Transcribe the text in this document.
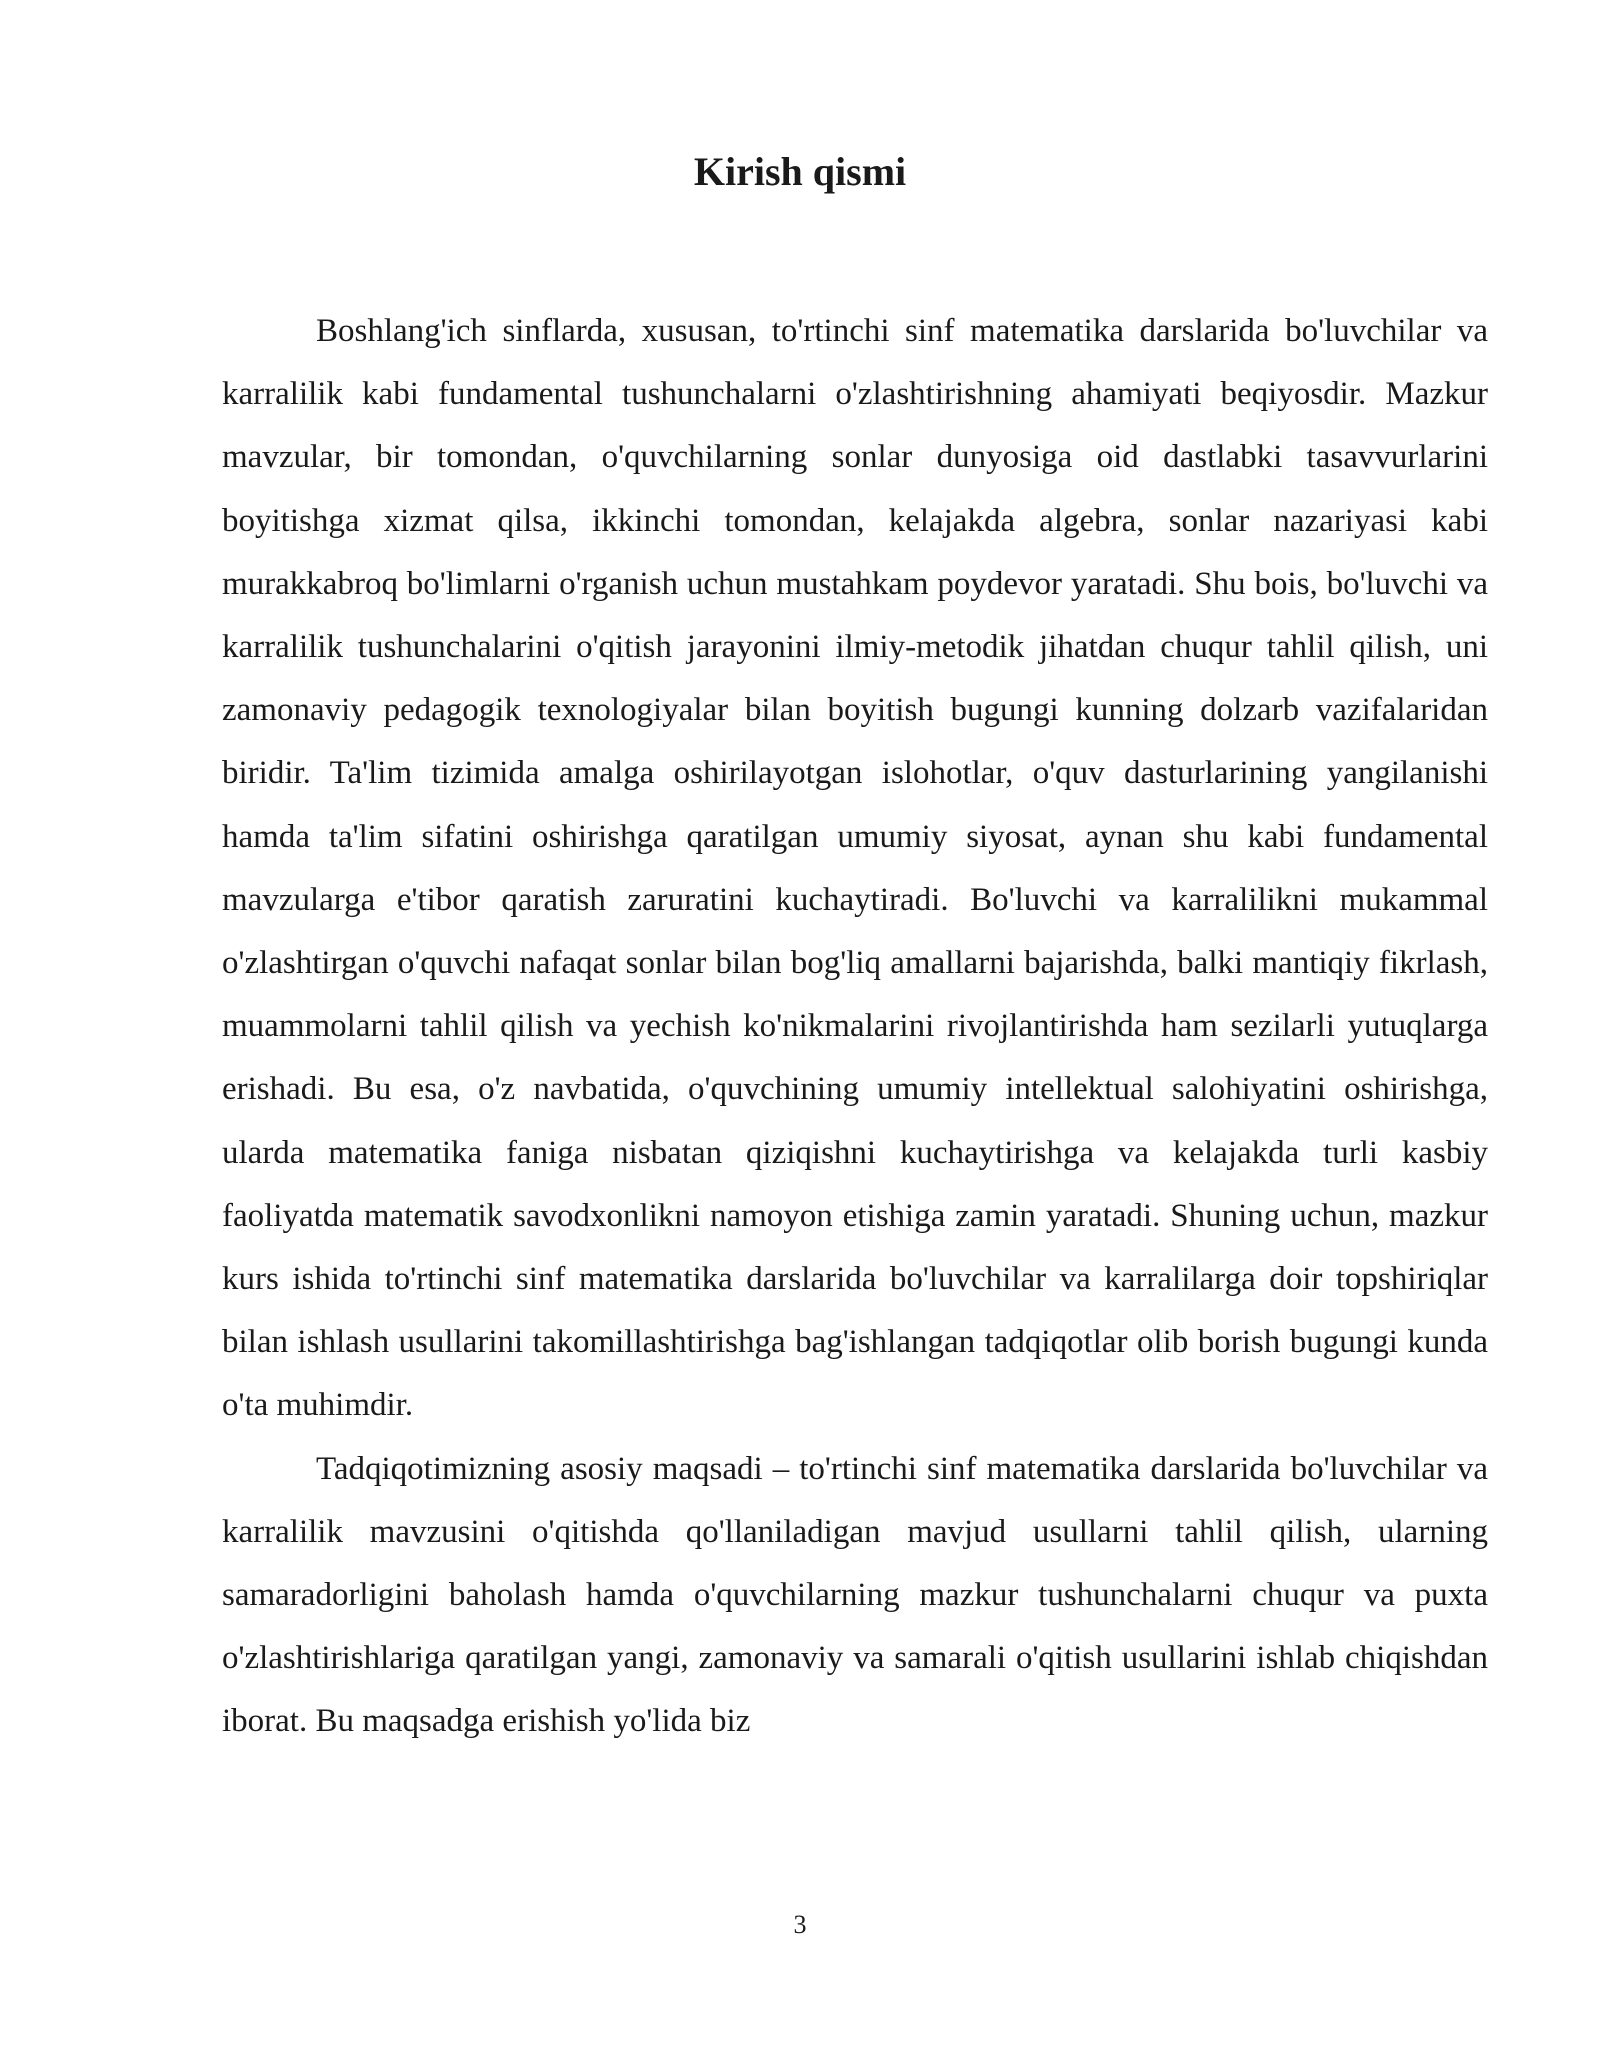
Kirish qismi

Boshlang'ich sinflarda, xususan, to'rtinchi sinf matematika darslarida bo'luvchilar va karralilik kabi fundamental tushunchalarni o'zlashtirishning ahamiyati beqiyosdir. Mazkur mavzular, bir tomondan, o'quvchilarning sonlar dunyosiga oid dastlabki tasavvurlarini boyitishga xizmat qilsa, ikkinchi tomondan, kelajakda algebra, sonlar nazariyasi kabi murakkabroq bo'limlarni o'rganish uchun mustahkam poydevor yaratadi. Shu bois, bo'luvchi va karralilik tushunchalarini o'qitish jarayonini ilmiy-metodik jihatdan chuqur tahlil qilish, uni zamonaviy pedagogik texnologiyalar bilan boyitish bugungi kunning dolzarb vazifalaridan biridir. Ta'lim tizimida amalga oshirilayotgan islohotlar, o'quv dasturlarining yangilanishi hamda ta'lim sifatini oshirishga qaratilgan umumiy siyosat, aynan shu kabi fundamental mavzularga e'tibor qaratish zaruratini kuchaytiradi. Bo'luvchi va karralilikni mukammal o'zlashtirgan o'quvchi nafaqat sonlar bilan bog'liq amallarni bajarishda, balki mantiqiy fikrlash, muammolarni tahlil qilish va yechish ko'nikmalarini rivojlantirishda ham sezilarli yutuqlarga erishadi. Bu esa, o'z navbatida, o'quvchining umumiy intellektual salohiyatini oshirishga, ularda matematika faniga nisbatan qiziqishni kuchaytirishga va kelajakda turli kasbiy faoliyatda matematik savodxonlikni namoyon etishiga zamin yaratadi. Shuning uchun, mazkur kurs ishida to'rtinchi sinf matematika darslarida bo'luvchilar va karralilarga doir topshiriqlar bilan ishlash usullarini takomillashtirishga bag'ishlangan tadqiqotlar olib borish bugungi kunda o'ta muhimdir.

Tadqiqotimizning asosiy maqsadi – to'rtinchi sinf matematika darslarida bo'luvchilar va karralilik mavzusini o'qitishda qo'llaniladigan mavjud usullarni tahlil qilish, ularning samaradorligini baholash hamda o'quvchilarning mazkur tushunchalarni chuqur va puxta o'zlashtirishlariga qaratilgan yangi, zamonaviy va samarali o'qitish usullarini ishlab chiqishdan iborat. Bu maqsadga erishish yo'lida biz

3
